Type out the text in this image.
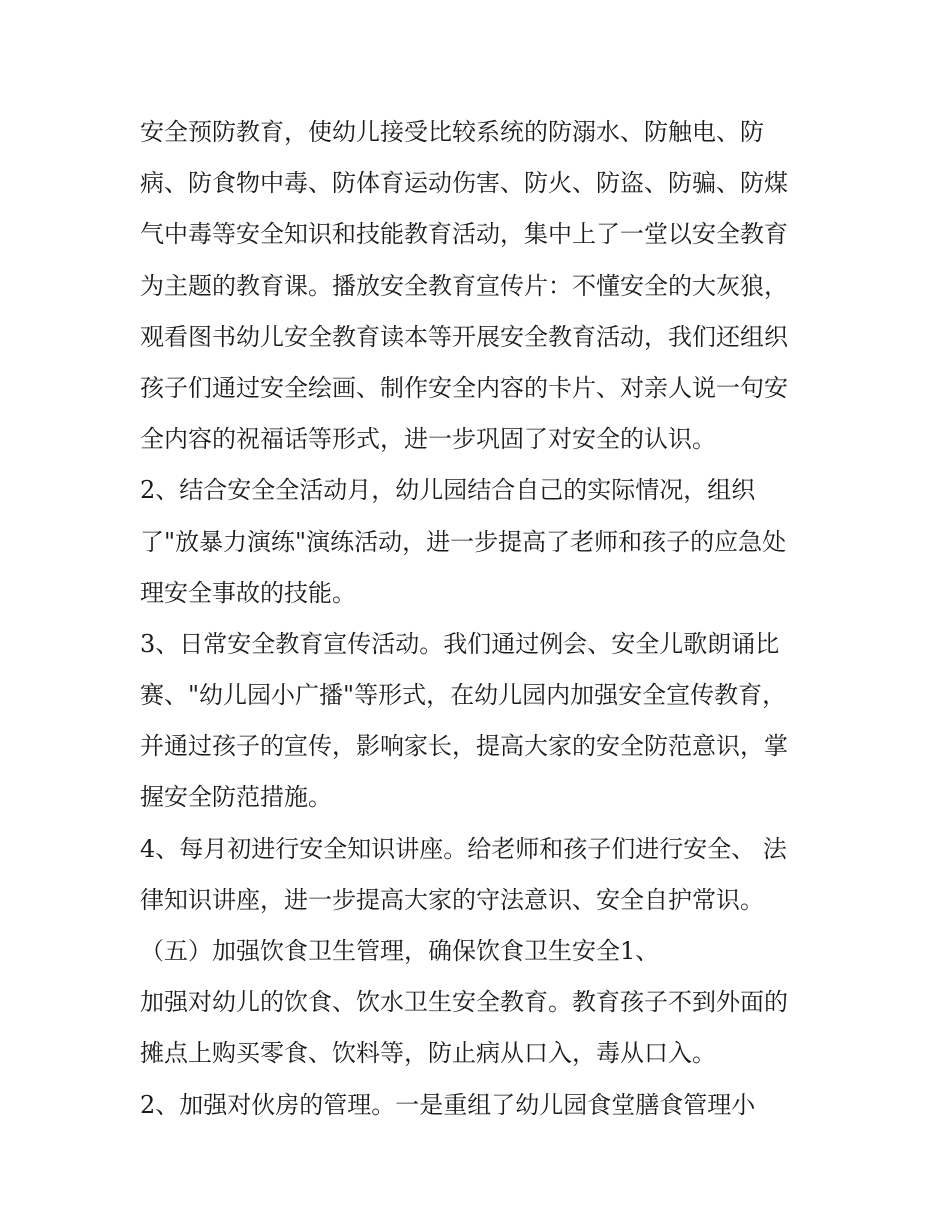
安全预防教育，使幼儿接受比较系统的防溺水、防触电、防
病、防食物中毒、防体育运动伤害、防火、防盗、防骗、防煤
气中毒等安全知识和技能教育活动，集中上了一堂以安全教育
为主题的教育课。播放安全教育宣传片：不懂安全的大灰狼，
观看图书幼儿安全教育读本等开展安全教育活动，我们还组织
孩子们通过安全绘画、制作安全内容的卡片、对亲人说一句安
全内容的祝福话等形式，进一步巩固了对安全的认识。
2、结合安全全活动月，幼儿园结合自己的实际情况，组织
了"放暴力演练"演练活动，进一步提高了老师和孩子的应急处
理安全事故的技能。
3、日常安全教育宣传活动。我们通过例会、安全儿歌朗诵比
赛、"幼儿园小广播"等形式，在幼儿园内加强安全宣传教育，
并通过孩子的宣传，影响家长，提高大家的安全防范意识，掌
握安全防范措施。
4、每月初进行安全知识讲座。给老师和孩子们进行安全、 法
律知识讲座，进一步提高大家的守法意识、安全自护常识。
（五）加强饮食卫生管理，确保饮食卫生安全1、
加强对幼儿的饮食、饮水卫生安全教育。教育孩子不到外面的
摊点上购买零食、饮料等，防止病从口入，毒从口入。
2、加强对伙房的管理。一是重组了幼儿园食堂膳食管理小
